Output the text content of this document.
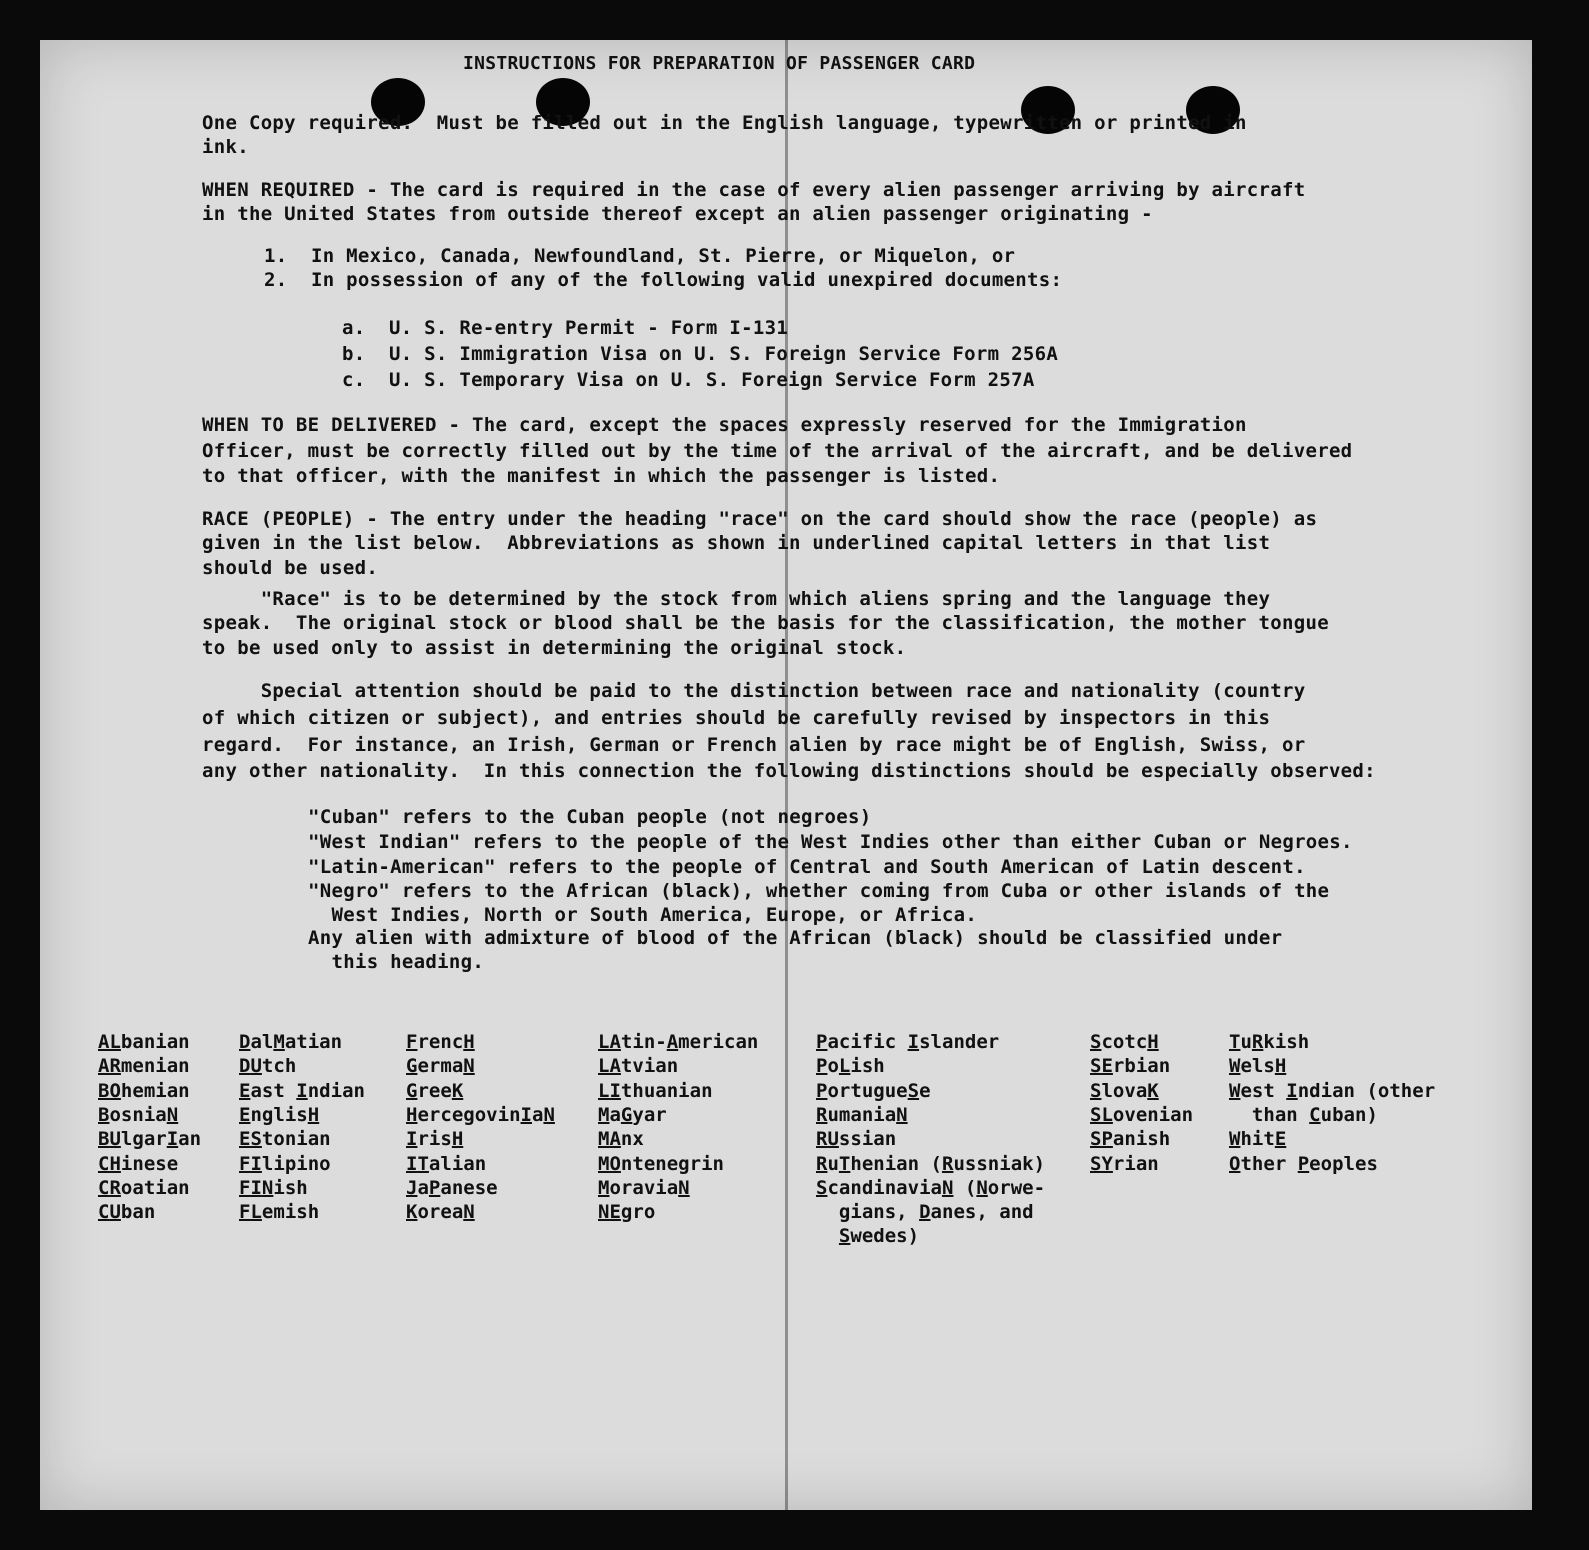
INSTRUCTIONS FOR PREPARATION OF PASSENGER CARD
One Copy required.  Must be filled out in the English language, typewritten or printed in
ink.
WHEN REQUIRED - The card is required in the case of every alien passenger arriving by aircraft
in the United States from outside thereof except an alien passenger originating -
1.  In Mexico, Canada, Newfoundland, St. Pierre, or Miquelon, or
2.  In possession of any of the following valid unexpired documents:
a.  U. S. Re-entry Permit - Form I-131
b.  U. S. Immigration Visa on U. S. Foreign Service Form 256A
c.  U. S. Temporary Visa on U. S. Foreign Service Form 257A
WHEN TO BE DELIVERED - The card, except the spaces expressly reserved for the Immigration
Officer, must be correctly filled out by the time of the arrival of the aircraft, and be delivered
to that officer, with the manifest in which the passenger is listed.
RACE (PEOPLE) - The entry under the heading "race" on the card should show the race (people) as
given in the list below.  Abbreviations as shown in underlined capital letters in that list
should be used.
"Race" is to be determined by the stock from which aliens spring and the language they
speak.  The original stock or blood shall be the basis for the classification, the mother tongue
to be used only to assist in determining the original stock.
Special attention should be paid to the distinction between race and nationality (country
of which citizen or subject), and entries should be carefully revised by inspectors in this
regard.  For instance, an Irish, German or French alien by race might be of English, Swiss, or
any other nationality.  In this connection the following distinctions should be especially observed:
"Cuban" refers to the Cuban people (not negroes)
"West Indian" refers to the people of the West Indies other than either Cuban or Negroes.
"Latin-American" refers to the people of Central and South American of Latin descent.
"Negro" refers to the African (black), whether coming from Cuba or other islands of the
West Indies, North or South America, Europe, or Africa.
Any alien with admixture of blood of the African (black) should be classified under
this heading.
ALbanian
ARmenian
BOhemian
BosniaN
BUlgarIan
CHinese
CRoatian
CUban
DalMatian
DUtch
East Indian
EnglisH
EStonian
FIlipino
FINish
FLemish
FrencH
GermaN
GreeK
HercegovinIaN
IrisH
ITalian
JaPanese
KoreaN
LAtin-American
LAtvian
LIthuanian
MaGyar
MAnx
MOntenegrin
MoraviaN
NEgro
Pacific Islander
PoLish
PortugueSe
RumaniaN
RUssian
RuThenian (Russniak)
ScandinaviaN (Norwe-
gians, Danes, and
Swedes)
ScotcH
SErbian
SlovaK
SLovenian
SPanish
SYrian
TuRkish
WelsH
West Indian (other
than Cuban)
WhitE
Other Peoples
